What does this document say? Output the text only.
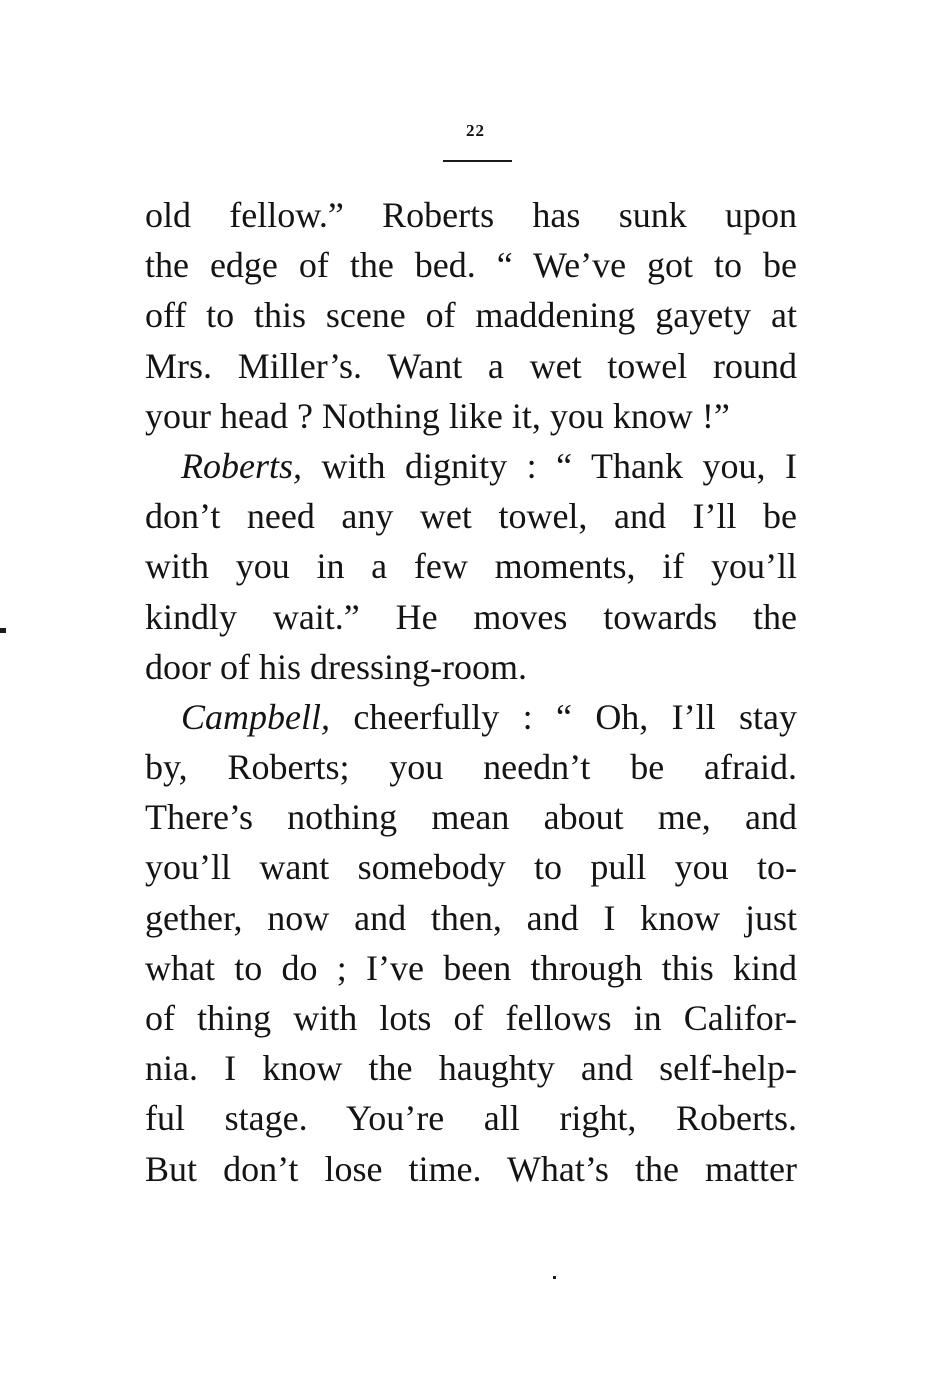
22
old fellow.” Roberts has sunk upon
the edge of the bed. “ We’ve got to be
off to this scene of maddening gayety at
Mrs. Miller’s. Want a wet towel round
your head ? Nothing like it, you know !”
Roberts, with dignity : “ Thank you, I
don’t need any wet towel, and I’ll be
with you in a few moments, if you’ll
kindly wait.” He moves towards the
door of his dressing-room.
Campbell, cheerfully : “ Oh, I’ll stay
by, Roberts; you needn’t be afraid.
There’s nothing mean about me, and
you’ll want somebody to pull you to-
gether, now and then, and I know just
what to do ; I’ve been through this kind
of thing with lots of fellows in Califor-
nia. I know the haughty and self-help-
ful stage. You’re all right, Roberts.
But don’t lose time. What’s the matter
